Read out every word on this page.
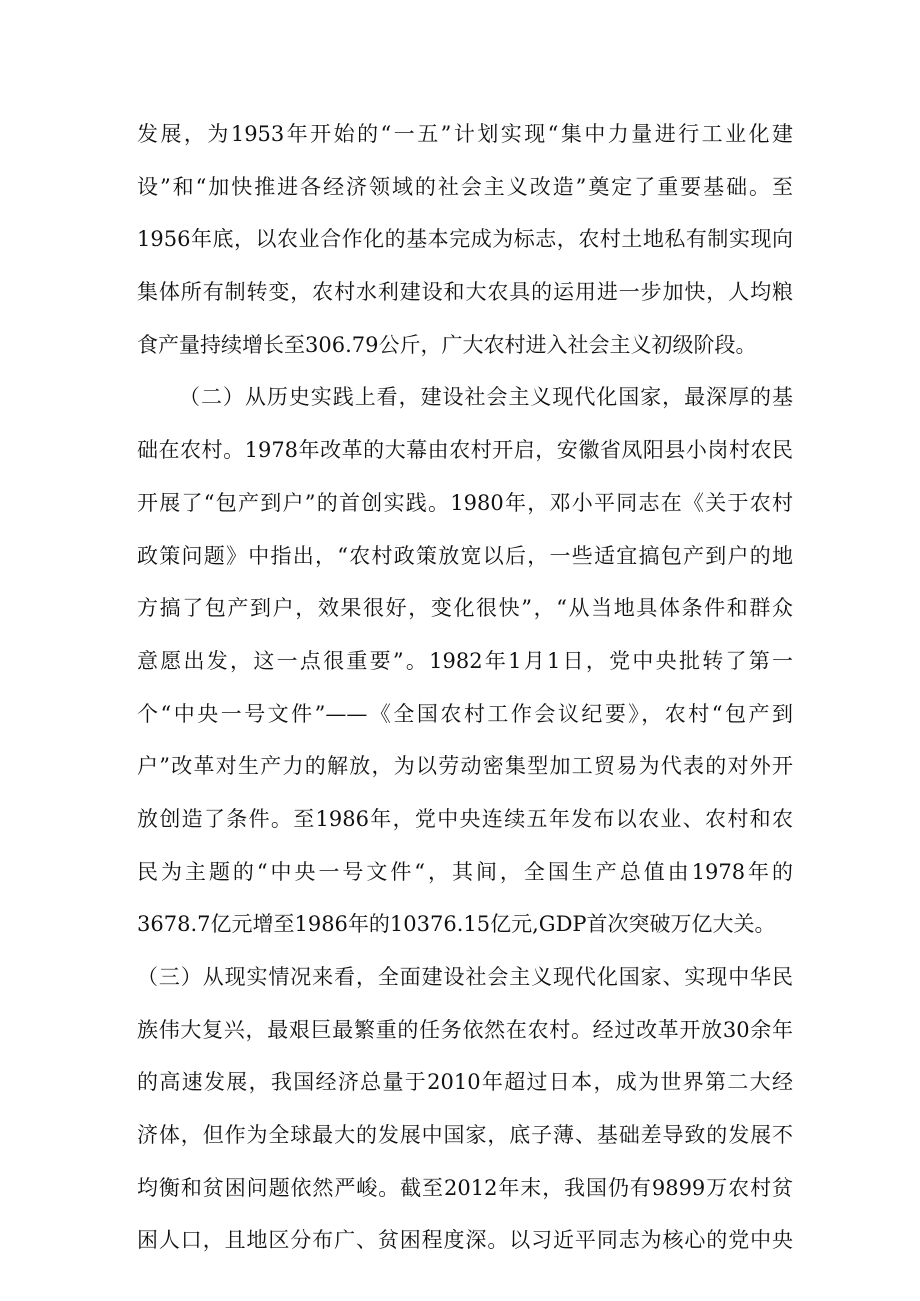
发展，为1953年开始的“一五”计划实现“集中力量进行工业化建
设”和“加快推进各经济领域的社会主义改造”奠定了重要基础。至
1956年底，以农业合作化的基本完成为标志，农村土地私有制实现向
集体所有制转变，农村水利建设和大农具的运用进一步加快，人均粮
食产量持续增长至306.79公斤，广大农村进入社会主义初级阶段。
（二）从历史实践上看，建设社会主义现代化国家，最深厚的基
础在农村。1978年改革的大幕由农村开启，安徽省凤阳县小岗村农民
开展了“包产到户”的首创实践。1980年，邓小平同志在《关于农村
政策问题》中指出，“农村政策放宽以后，一些适宜搞包产到户的地
方搞了包产到户，效果很好，变化很快”，“从当地具体条件和群众
意愿出发，这一点很重要”。1982年1月1日，党中央批转了第一
个“中央一号文件”——《全国农村工作会议纪要》，农村“包产到
户”改革对生产力的解放，为以劳动密集型加工贸易为代表的对外开
放创造了条件。至1986年，党中央连续五年发布以农业、农村和农
民为主题的“中央一号文件“，其间，全国生产总值由1978年的
3678.7亿元增至1986年的10376.15亿元,GDP首次突破万亿大关。
（三）从现实情况来看，全面建设社会主义现代化国家、实现中华民
族伟大复兴，最艰巨最繁重的任务依然在农村。经过改革开放30余年
的高速发展，我国经济总量于2010年超过日本，成为世界第二大经
济体，但作为全球最大的发展中国家，底子薄、基础差导致的发展不
均衡和贫困问题依然严峻。截至2012年末，我国仍有9899万农村贫
困人口，且地区分布广、贫困程度深。以习近平同志为核心的党中央
